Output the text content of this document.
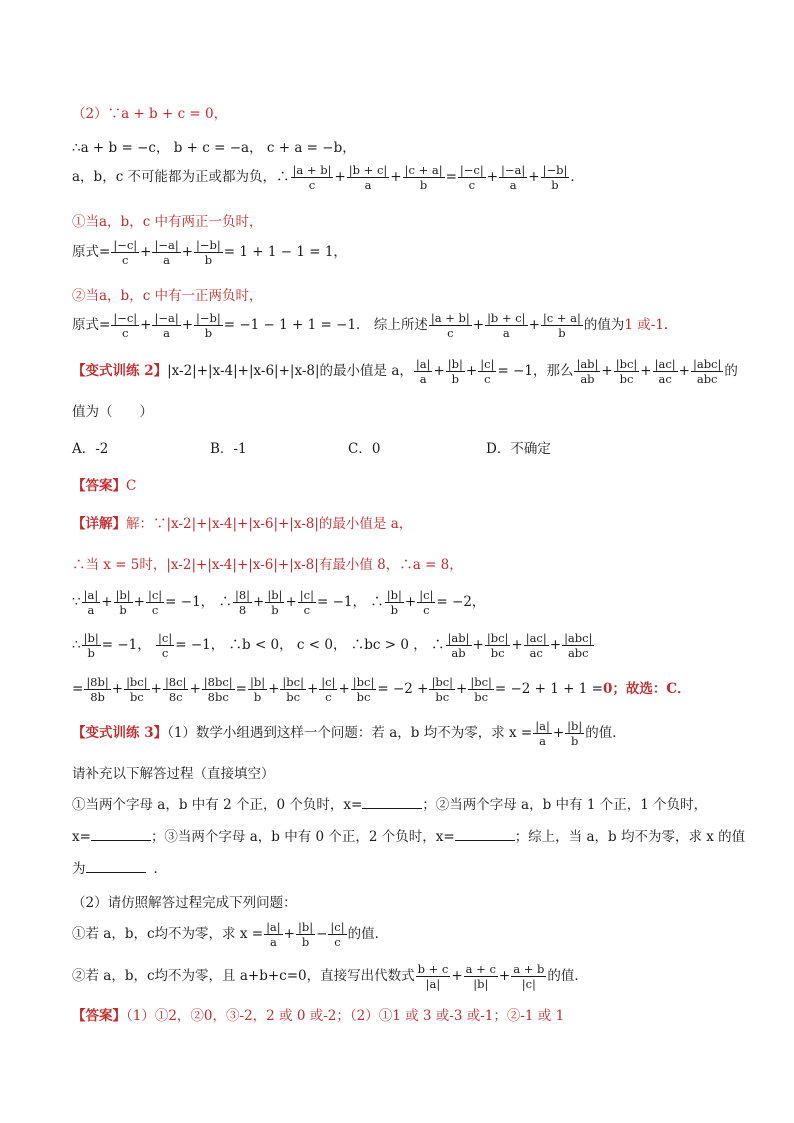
（2）∵a + b + c = 0，
∴a + b = −c， b + c = −a， c + a = −b，
a，b，c 不可能都为正或都为负，∴ $\frac{|a + b|}{c} + \frac{|b + c|}{a} + \frac{|c + a|}{b} = \frac{|-c|}{c} + \frac{|-a|}{a} + \frac{|-b|}{b}$ ．
①当a，b，c 中有两正一负时，
原式= $\frac{|-c|}{c} + \frac{|-a|}{a} + \frac{|-b|}{b} = 1 + 1 - 1 = 1$，
②当a，b，c 中有一正两负时，
原式= $\frac{|-c|}{c} + \frac{|-a|}{a} + \frac{|-b|}{b} = -1 - 1 + 1 = -1$． 综上所述 $\frac{|a + b|}{c} + \frac{|b + c|}{a} + \frac{|c + a|}{b}$ 的值为1 或-1．
【变式训练 2】|x-2|+|x-4|+|x-6|+|x-8|的最小值是 a， $\frac{|a|}{a} + \frac{|b|}{b} + \frac{|c|}{c} = -1$，那么 $\frac{|ab|}{ab} + \frac{|bc|}{bc} + \frac{|ac|}{ac} + \frac{\text{|abc|}}{\text{abc}}$ 的
值为（　　）
A．-2	B．-1	C．0	D．不确定
【答案】C
【详解】解：∵|x-2|+|x-4|+|x-6|+|x-8|的最小值是 a，
∴当 x = 5时，|x-2|+|x-4|+|x-6|+|x-8|有最小值 8，∴a = 8，
∵ $\frac{|a|}{a} + \frac{|b|}{b} + \frac{|c|}{c} = -1$， ∴ $\frac{|8|}{8} + \frac{|b|}{b} + \frac{|c|}{c} = -1$， ∴ $\frac{|b|}{b} + \frac{|c|}{c} = -2$，
∴ $\frac{|b|}{b} = -1$， $\frac{|c|}{c} = -1$， ∴b < 0， c < 0， ∴bc > 0 ， ∴ $\frac{|ab|}{ab} + \frac{|bc|}{bc} + \frac{|ac|}{ac} + \frac{\text{|abc|}}{\text{abc}}$
= $\frac{|8b|}{8b} + \frac{|bc|}{bc} + \frac{|8c|}{8c} + \frac{|8bc|}{8bc} = \frac{|b|}{b} + \frac{|bc|}{bc} + \frac{|c|}{c} + \frac{|bc|}{bc} = -2 + \frac{|bc|}{bc} + \frac{|bc|}{bc} = -2 + 1 + 1 =0$；故选：C．
【变式训练 3】（1）数学小组遇到这样一个问题：若 a，b 均不为零，求 $x = \frac{|a|}{a} + \frac{|b|}{b}$ 的值．
请补充以下解答过程（直接填空）
①当两个字母 a，b 中有 2 个正，0 个负时，x=	；②当两个字母 a，b 中有 1 个正，1 个负时，
x=	；③当两个字母 a，b 中有 0 个正，2 个负时，x=	；综上，当 a，b 均不为零，求 x 的值
为	．
（2）请仿照解答过程完成下列问题：
①若 a，b，c均不为零，求 $x = \frac{|a|}{a} + \frac{|b|}{b} - \frac{|c|}{c}$ 的值．
②若 a，b，c均不为零，且 a+b+c=0，直接写出代数式 $\frac{b + c}{|a|} + \frac{a + c}{|b|} + \frac{a + b}{|c|}$ 的值．
【答案】（1）①2，②0，③-2，2 或 0 或-2；（2）①1 或 3 或-3 或-1；②-1 或 1
